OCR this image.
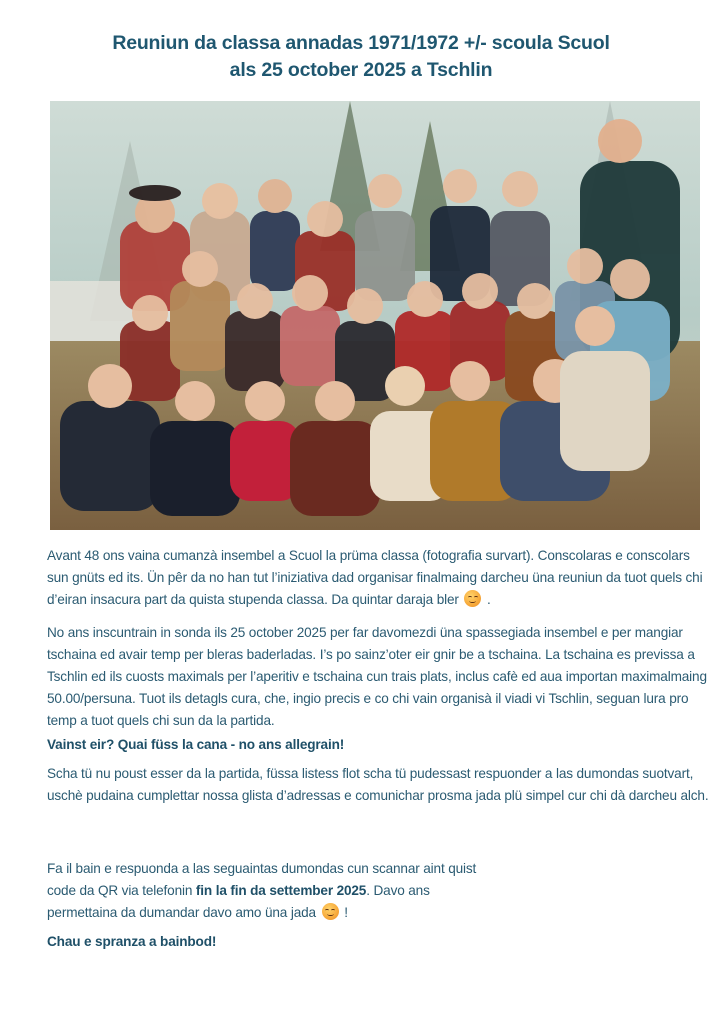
Reuniun da classa annadas 1971/1972 +/- scoula Scuol
als 25 october 2025 a Tschlin

Avant 48 ons vaina cumanzà insembel a Scuol la prüma classa (fotografia survart). Conscolaras e conscolars sun gnüts ed its. Ün pêr da no han tut l’iniziativa dad organisar finalmaing darcheu üna reuniun da tuot quels chi d’eiran insacura part da quista stupenda classa. Da quintar daraja bler .

No ans inscuntrain in sonda ils 25 october 2025 per far davomezdi üna spassegiada insembel e per mangiar tschaina ed avair temp per bleras baderladas. I’s po sainz’oter eir gnir be a tschaina. La tschaina es previssa a Tschlin ed ils cuosts maximals per l’aperitiv e tschaina cun trais plats, inclus cafè ed aua importan maximalmaing 50.00/persuna. Tuot ils detagls cura, che, ingio precis e co chi vain organisà il viadi vi Tschlin, seguan lura pro temp a tuot quels chi sun da la partida.

Vainst eir? Quai füss la cana - no ans allegrain!

Scha tü nu poust esser da la partida, füssa listess flot scha tü pudessast respuonder a las dumondas suotvart, uschè pudaina cumplettar nossa glista d’adressas e comunichar prosma jada plü simpel cur chi dà darcheu alch.

Fa il bain e respuonda a las seguaintas dumondas cun scannar aint quist
code da QR via telefonin fin la fin da settember 2025. Davo ans
permettaina da dumandar davo amo üna jada !

Chau e spranza a bainbod!
